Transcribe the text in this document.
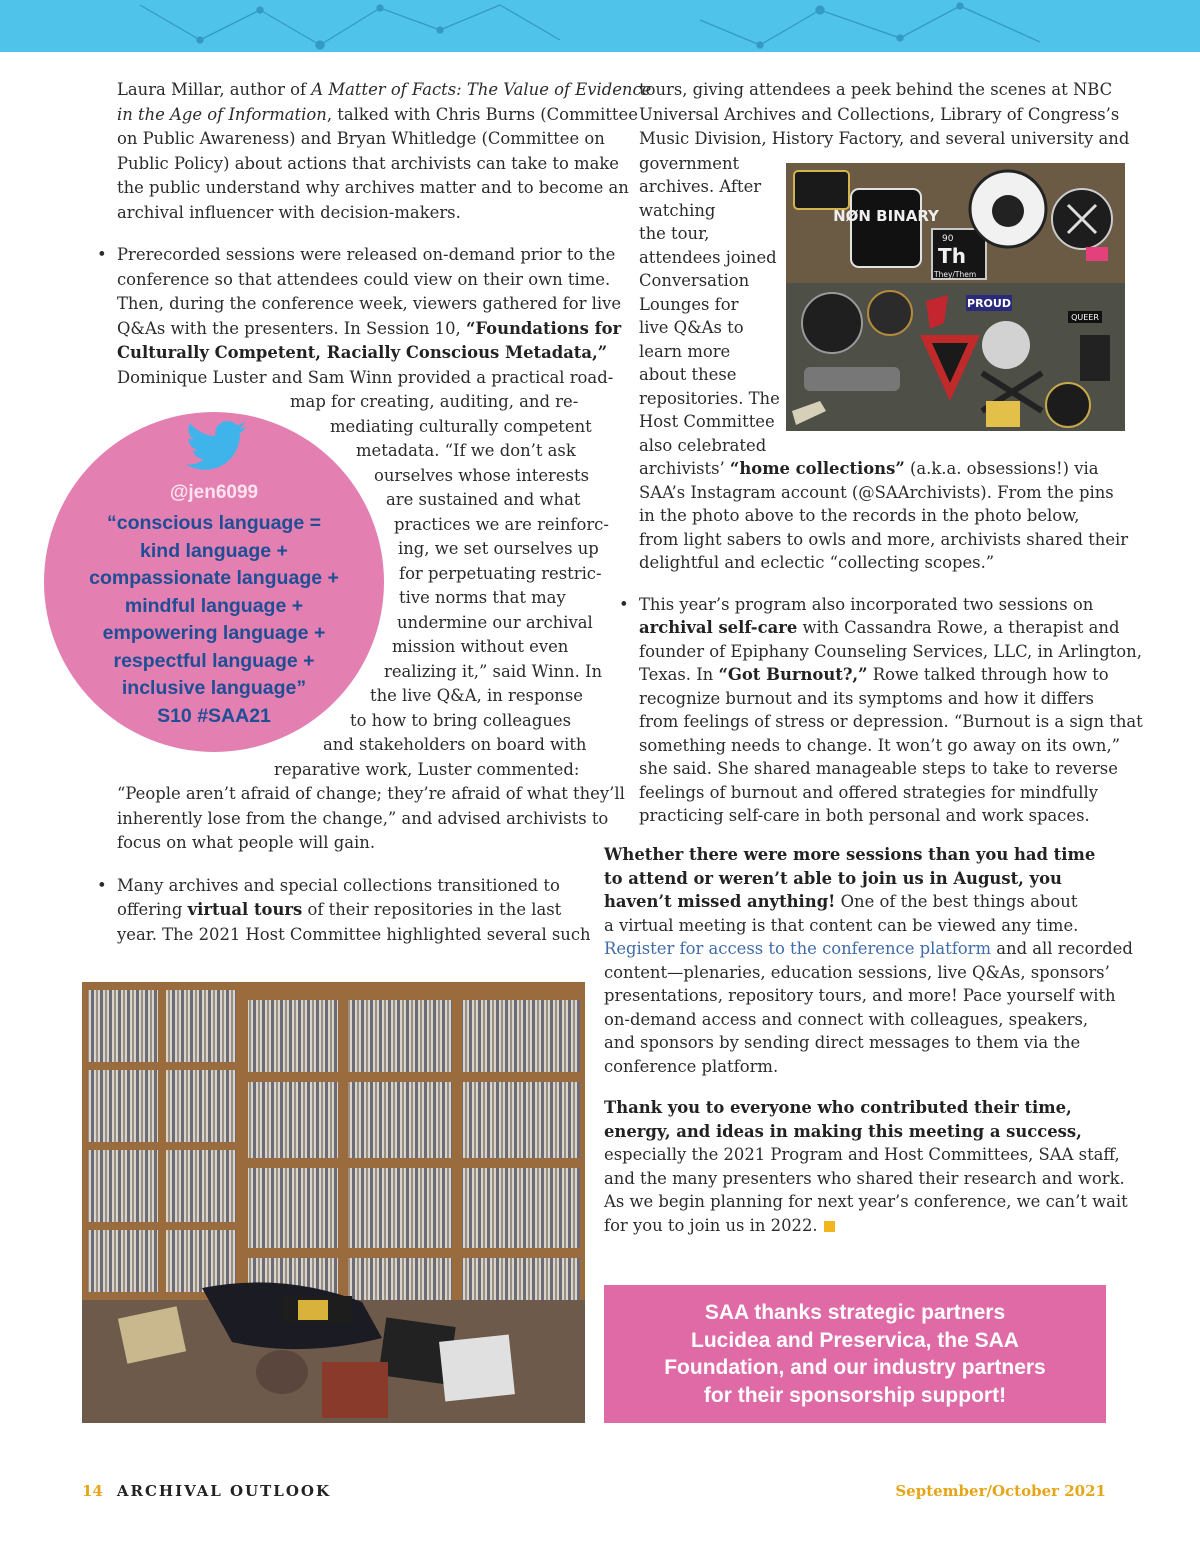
Laura Millar, author of A Matter of Facts: The Value of Evidence
in the Age of Information, talked with Chris Burns (Committee
on Public Awareness) and Bryan Whitledge (Committee on
Public Policy) about actions that archivists can take to make
the public understand why archives matter and to become an
archival influencer with decision-makers.

• Prerecorded sessions were released on-demand prior to the
conference so that attendees could view on their own time.
Then, during the conference week, viewers gathered for live
Q&As with the presenters. In Session 10, “Foundations for
Culturally Competent, Racially Conscious Metadata,”
Dominique Luster and Sam Winn provided a practical road-
map for creating, auditing, and re-
mediating culturally competent
metadata. “If we don’t ask
ourselves whose interests
are sustained and what
practices we are reinforc-
ing, we set ourselves up
for perpetuating restric-
tive norms that may
undermine our archival
mission without even
realizing it,” said Winn. In
the live Q&A, in response
to how to bring colleagues
and stakeholders on board with
reparative work, Luster commented:
“People aren’t afraid of change; they’re afraid of what they’ll
inherently lose from the change,” and advised archivists to
focus on what people will gain.

• Many archives and special collections transitioned to
offering virtual tours of their repositories in the last
year. The 2021 Host Committee highlighted several such

@jen6099
“conscious language =
kind language +
compassionate language +
mindful language +
empowering language +
respectful language +
inclusive language”
S10 #SAA21
tours, giving attendees a peek behind the scenes at NBC
Universal Archives and Collections, Library of Congress’s
Music Division, History Factory, and several university and
government
archives. After
watching
the tour,
attendees joined
Conversation
Lounges for
live Q&As to
learn more
about these
repositories. The
Host Committee
also celebrated
archivists’ “home collections” (a.k.a. obsessions!) via
SAA’s Instagram account (@SAArchivists). From the pins
in the photo above to the records in the photo below,
from light sabers to owls and more, archivists shared their
delightful and eclectic “collecting scopes.”

• This year’s program also incorporated two sessions on
archival self-care with Cassandra Rowe, a therapist and
founder of Epiphany Counseling Services, LLC, in Arlington,
Texas. In “Got Burnout?,” Rowe talked through how to
recognize burnout and its symptoms and how it differs
from feelings of stress or depression. “Burnout is a sign that
something needs to change. It won’t go away on its own,”
she said. She shared manageable steps to take to reverse
feelings of burnout and offered strategies for mindfully
practicing self-care in both personal and work spaces.

Whether there were more sessions than you had time
to attend or weren’t able to join us in August, you
haven’t missed anything! One of the best things about
a virtual meeting is that content can be viewed any time.
Register for access to the conference platform and all recorded
content—plenaries, education sessions, live Q&As, sponsors’
presentations, repository tours, and more! Pace yourself with
on-demand access and connect with colleagues, speakers,
and sponsors by sending direct messages to them via the
conference platform.

Thank you to everyone who contributed their time,
energy, and ideas in making this meeting a success,
especially the 2021 Program and Host Committees, SAA staff,
and the many presenters who shared their research and work.
As we begin planning for next year’s conference, we can’t wait
for you to join us in 2022.

NØN BINARY
Th
90
They/Them
PROUD
QUEER
SAA thanks strategic partners
Lucidea and Preservica, the SAA
Foundation, and our industry partners
for their sponsorship support!
14 ARCHIVAL OUTLOOK	September/October 2021
